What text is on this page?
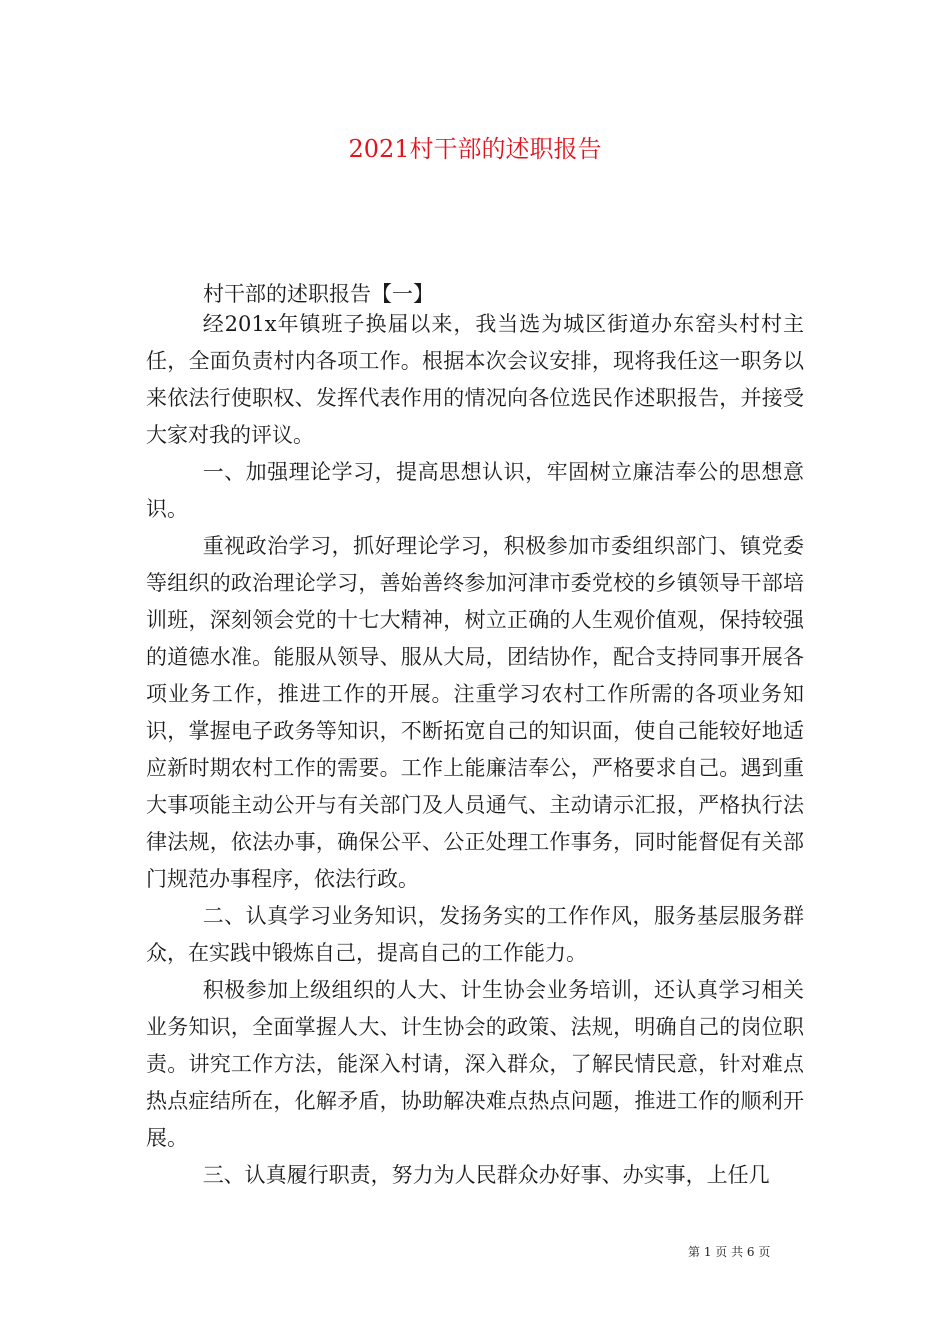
2021村干部的述职报告
村干部的述职报告【一】

经201x年镇班子换届以来，我当选为城区街道办东窑头村村主任，全面负责村内各项工作。根据本次会议安排，现将我任这一职务以来依法行使职权、发挥代表作用的情况向各位选民作述职报告，并接受大家对我的评议。

一、加强理论学习，提高思想认识，牢固树立廉洁奉公的思想意识。

重视政治学习，抓好理论学习，积极参加市委组织部门、镇党委等组织的政治理论学习，善始善终参加河津市委党校的乡镇领导干部培训班，深刻领会党的十七大精神，树立正确的人生观价值观，保持较强的道德水准。能服从领导、服从大局，团结协作，配合支持同事开展各项业务工作，推进工作的开展。注重学习农村工作所需的各项业务知识，掌握电子政务等知识，不断拓宽自己的知识面，使自己能较好地适应新时期农村工作的需要。工作上能廉洁奉公，严格要求自己。遇到重大事项能主动公开与有关部门及人员通气、主动请示汇报，严格执行法律法规，依法办事，确保公平、公正处理工作事务，同时能督促有关部门规范办事程序，依法行政。

二、认真学习业务知识，发扬务实的工作作风，服务基层服务群众，在实践中锻炼自己，提高自己的工作能力。

积极参加上级组织的人大、计生协会业务培训，还认真学习相关业务知识，全面掌握人大、计生协会的政策、法规，明确自己的岗位职责。讲究工作方法，能深入村请，深入群众，了解民情民意，针对难点热点症结所在，化解矛盾，协助解决难点热点问题，推进工作的顺利开展。

三、认真履行职责，努力为人民群众办好事、办实事，上任几

第 1 页 共 6 页
